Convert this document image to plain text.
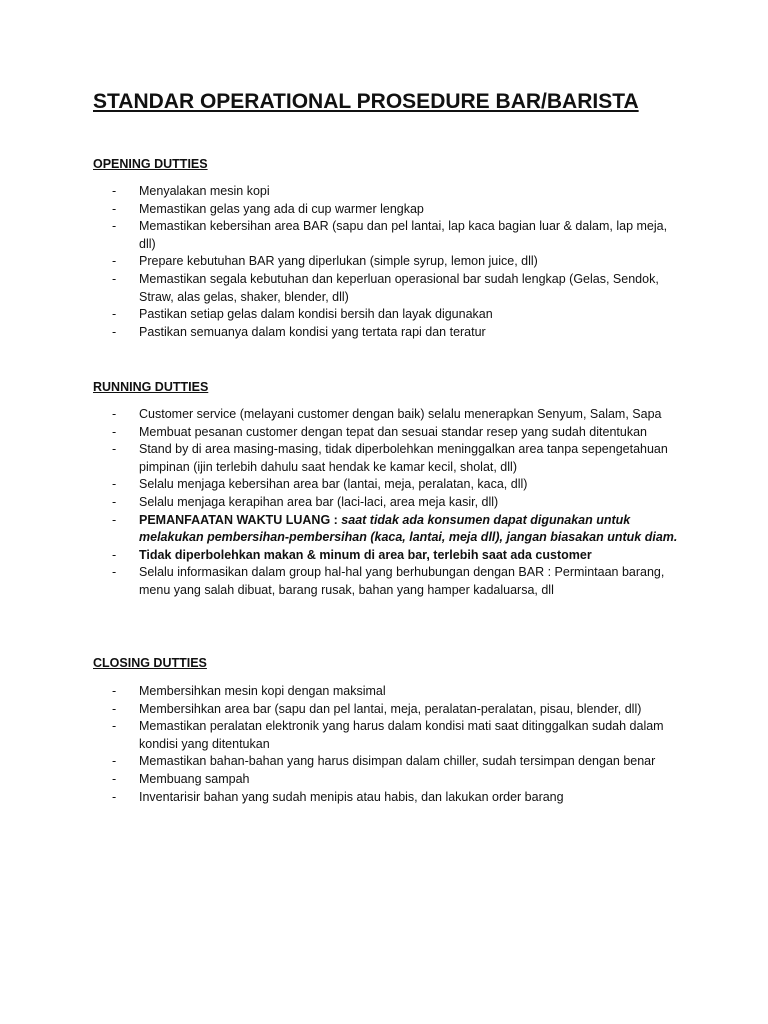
STANDAR OPERATIONAL PROSEDURE BAR/BARISTA
OPENING DUTTIES
- Menyalakan mesin kopi
- Memastikan gelas yang ada di cup warmer lengkap
- Memastikan kebersihan area BAR (sapu dan pel lantai, lap kaca bagian luar & dalam, lap meja, dll)
- Prepare kebutuhan BAR yang diperlukan (simple syrup, lemon juice, dll)
- Memastikan segala kebutuhan dan keperluan operasional bar sudah lengkap (Gelas, Sendok, Straw, alas gelas, shaker, blender, dll)
- Pastikan setiap gelas dalam kondisi bersih dan layak digunakan
- Pastikan semuanya dalam kondisi yang tertata rapi dan teratur
RUNNING DUTTIES
- Customer service (melayani customer dengan baik) selalu menerapkan Senyum, Salam, Sapa
- Membuat pesanan customer dengan tepat dan sesuai standar resep yang sudah ditentukan
- Stand by di area masing-masing, tidak diperbolehkan meninggalkan area tanpa sepengetahuan pimpinan (ijin terlebih dahulu saat hendak ke kamar kecil, sholat, dll)
- Selalu menjaga kebersihan area bar (lantai, meja, peralatan, kaca, dll)
- Selalu menjaga kerapihan area bar (laci-laci, area meja kasir, dll)
- PEMANFAATAN WAKTU LUANG : saat tidak ada konsumen dapat digunakan untuk melakukan pembersihan-pembersihan (kaca, lantai, meja dll), jangan biasakan untuk diam.
- Tidak diperbolehkan makan & minum di area bar, terlebih saat ada customer
- Selalu informasikan dalam group hal-hal yang berhubungan dengan BAR : Permintaan barang, menu yang salah dibuat, barang rusak, bahan yang hamper kadaluarsa, dll
CLOSING DUTTIES
- Membersihkan mesin kopi dengan maksimal
- Membersihkan area bar (sapu dan pel lantai, meja, peralatan-peralatan, pisau, blender, dll)
- Memastikan peralatan elektronik yang harus dalam kondisi mati saat ditinggalkan sudah dalam kondisi yang ditentukan
- Memastikan bahan-bahan yang harus disimpan dalam chiller, sudah tersimpan dengan benar
- Membuang sampah
- Inventarisir bahan yang sudah menipis atau habis, dan lakukan order barang
